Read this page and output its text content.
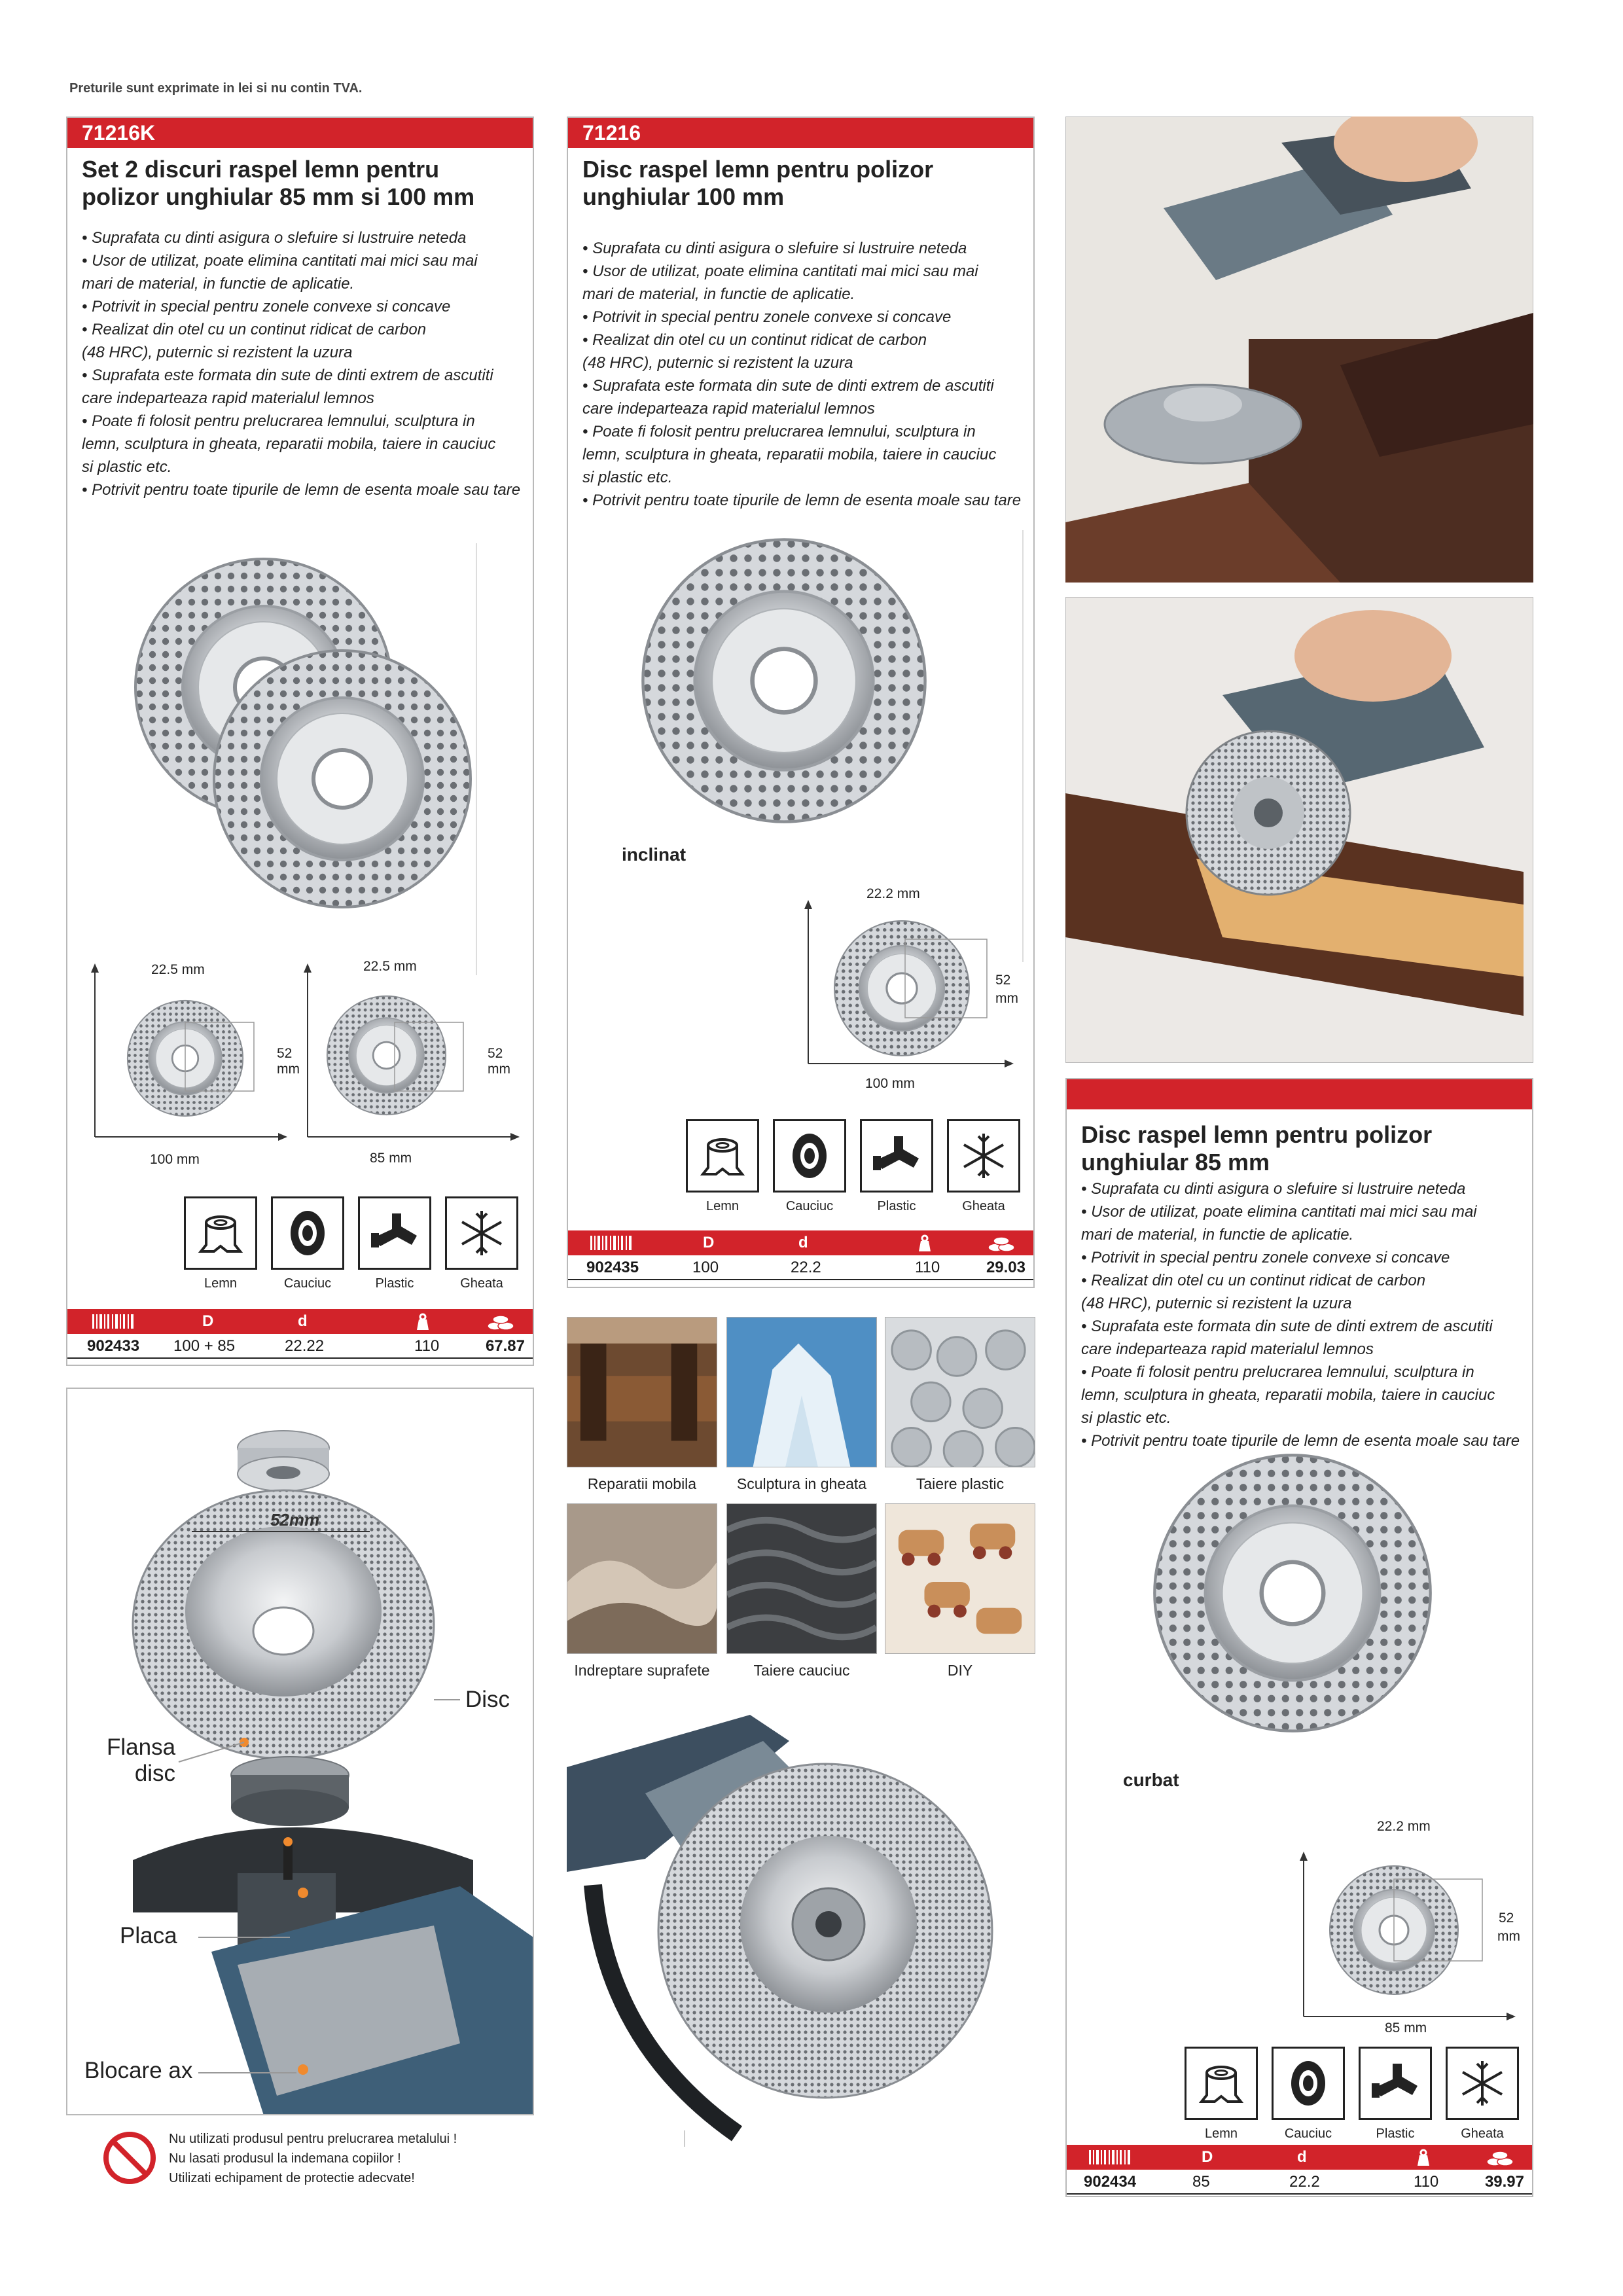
Preturile sunt exprimate in lei si nu contin TVA.
71216K
Set 2 discuri raspel lemn pentru
polizor unghiular 85 mm si 100 mm
• Suprafata cu dinti asigura o slefuire si lustruire neteda
• Usor de utilizat, poate elimina cantitati mai mici sau mai
mari de material, in functie de aplicatie.
• Potrivit in special pentru zonele convexe si concave
• Realizat din otel cu un continut ridicat de carbon
(48 HRC), puternic si rezistent la uzura
• Suprafata este formata din sute de dinti extrem de ascutiti
care indeparteaza rapid materialul lemnos
• Poate fi folosit pentru prelucrarea lemnului, sculptura in
lemn, sculptura in gheata, reparatii mobila, taiere in cauciuc
si plastic etc.
• Potrivit pentru toate tipurile de lemn de esenta moale sau tare
22.5 mm
52
mm
100 mm
22.5 mm
52
mm
85 mm
Lemn	Cauciuc	Plastic	Gheata
D	d
902433 100 + 85	22.22	110	67.87
71216
Disc raspel lemn pentru polizor
unghiular 100 mm
• Suprafata cu dinti asigura o slefuire si lustruire neteda
• Usor de utilizat, poate elimina cantitati mai mici sau mai
mari de material, in functie de aplicatie.
• Potrivit in special pentru zonele convexe si concave
• Realizat din otel cu un continut ridicat de carbon
(48 HRC), puternic si rezistent la uzura
• Suprafata este formata din sute de dinti extrem de ascutiti
care indeparteaza rapid materialul lemnos
• Poate fi folosit pentru prelucrarea lemnului, sculptura in
lemn, sculptura in gheata, reparatii mobila, taiere in cauciuc
si plastic etc.
• Potrivit pentru toate tipurile de lemn de esenta moale sau tare
inclinat
22.2 mm
52
mm
100 mm
Lemn	Cauciuc	Plastic	Gheata
D	d
902435	100	22.2	110	29.03
Disc raspel lemn pentru polizor
unghiular 85 mm
• Suprafata cu dinti asigura o slefuire si lustruire neteda
• Usor de utilizat, poate elimina cantitati mai mici sau mai
mari de material, in functie de aplicatie.
• Potrivit in special pentru zonele convexe si concave
• Realizat din otel cu un continut ridicat de carbon
(48 HRC), puternic si rezistent la uzura
• Suprafata este formata din sute de dinti extrem de ascutiti
care indeparteaza rapid materialul lemnos
• Poate fi folosit pentru prelucrarea lemnului, sculptura in
lemn, sculptura in gheata, reparatii mobila, taiere in cauciuc
si plastic etc.
• Potrivit pentru toate tipurile de lemn de esenta moale sau tare
curbat
22.2 mm
52
mm
85 mm
Lemn	Cauciuc	Plastic	Gheata
D	d
902434	85	22.2	110	39.97
52mm
Disc
Flansa
disc
Placa
Blocare ax
Nu utilizati produsul pentru prelucrarea metalului !
Nu lasati produsul la indemana copiilor !
Utilizati echipament de protectie adecvate!
Reparatii mobila	Sculptura in gheata	Taiere plastic
Indreptare suprafete	Taiere cauciuc	DIY
